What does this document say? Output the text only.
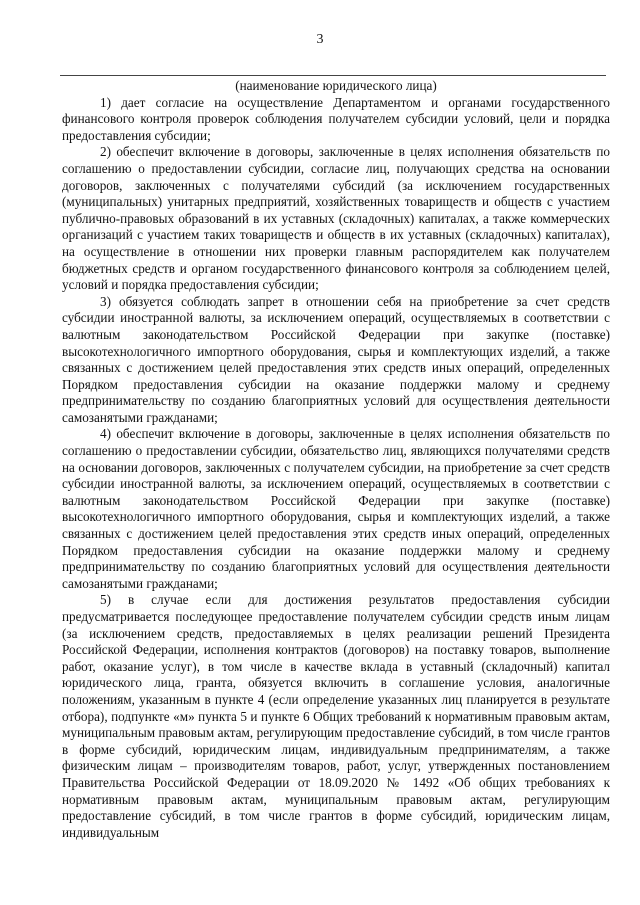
3

(наименование юридического лица)

1) дает согласие на осуществление Департаментом и органами государственного финансового контроля проверок соблюдения получателем субсидии условий, цели и порядка предоставления субсидии;

2) обеспечит включение в договоры, заключенные в целях исполнения обязательств по соглашению о предоставлении субсидии, согласие лиц, получающих средства на основании договоров, заключенных с получателями субсидий (за исключением государственных (муниципальных) унитарных предприятий, хозяйственных товариществ и обществ с участием публично-правовых образований в их уставных (складочных) капиталах, а также коммерческих организаций с участием таких товариществ и обществ в их уставных (складочных) капиталах), на осуществление в отношении них проверки главным распорядителем как получателем бюджетных средств и органом государственного финансового контроля за соблюдением целей, условий и порядка предоставления субсидии;

3) обязуется соблюдать запрет в отношении себя на приобретение за счет средств субсидии иностранной валюты, за исключением операций, осуществляемых в соответствии с валютным законодательством Российской Федерации при закупке (поставке) высокотехнологичного импортного оборудования, сырья и комплектующих изделий, а также связанных с достижением целей предоставления этих средств иных операций, определенных Порядком предоставления субсидии на оказание поддержки малому и среднему предпринимательству по созданию благоприятных условий для осуществления деятельности самозанятыми гражданами;

4) обеспечит включение в договоры, заключенные в целях исполнения обязательств по соглашению о предоставлении субсидии, обязательство лиц, являющихся получателями средств на основании договоров, заключенных с получателем субсидии, на приобретение за счет средств субсидии иностранной валюты, за исключением операций, осуществляемых в соответствии с валютным законодательством Российской Федерации при закупке (поставке) высокотехнологичного импортного оборудования, сырья и комплектующих изделий, а также связанных с достижением целей предоставления этих средств иных операций, определенных Порядком предоставления субсидии на оказание поддержки малому и среднему предпринимательству по созданию благоприятных условий для осуществления деятельности самозанятыми гражданами;

5) в случае если для достижения результатов предоставления субсидии предусматривается последующее предоставление получателем субсидии средств иным лицам (за исключением средств, предоставляемых в целях реализации решений Президента Российской Федерации, исполнения контрактов (договоров) на поставку товаров, выполнение работ, оказание услуг), в том числе в качестве вклада в уставный (складочный) капитал юридического лица, гранта, обязуется включить в соглашение условия, аналогичные положениям, указанным в пункте 4 (если определение указанных лиц планируется в результате отбора), подпункте «м» пункта 5 и пункте 6 Общих требований к нормативным правовым актам, муниципальным правовым актам, регулирующим предоставление субсидий, в том числе грантов в форме субсидий, юридическим лицам, индивидуальным предпринимателям, а также физическим лицам – производителям товаров, работ, услуг, утвержденных постановлением Правительства Российской Федерации от 18.09.2020 № 1492 «Об общих требованиях к нормативным правовым актам, муниципальным правовым актам, регулирующим предоставление субсидий, в том числе грантов в форме субсидий, юридическим лицам, индивидуальным
